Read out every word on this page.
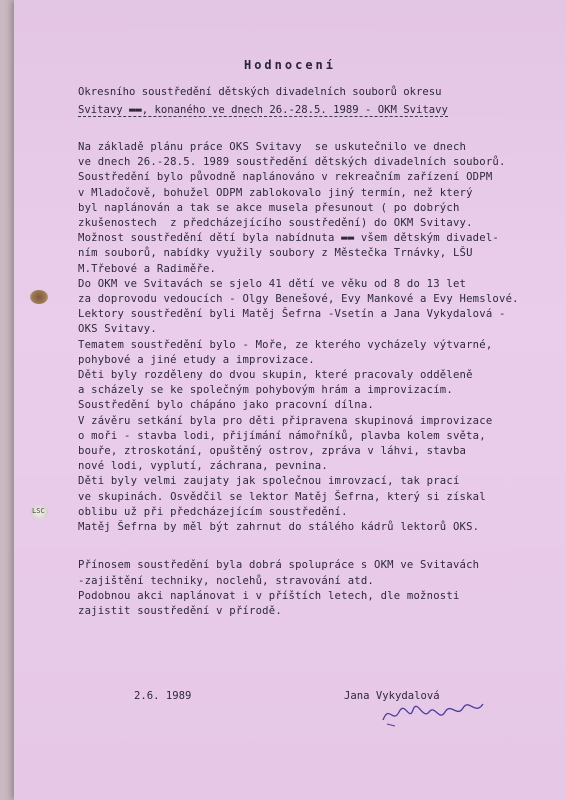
LSC
Hodnocení
Okresního soustředění dětských divadelních souborů okresu
Svitavy ▬▬, konaného ve dnech 26.-28.5. 1989 - OKM Svitavy
Na základě plánu práce OKS Svitavy  se uskutečnilo ve dnech
ve dnech 26.-28.5. 1989 soustředění dětských divadelních souborů.
Soustředění bylo původně naplánováno v rekreačním zařízení ODPM
v Mladočově, bohužel ODPM zablokovalo jiný termín, než který
byl naplánován a tak se akce musela přesunout ( po dobrých
zkušenostech  z předcházejícího soustředění) do OKM Svitavy.
Možnost soustředění dětí byla nabídnuta ▬▬ všem dětským divadel-
ním souborů, nabídky využily soubory z Městečka Trnávky, LŠU
M.Třebové a Radiměře.
Do OKM ve Svitavách se sjelo 41 dětí ve věku od 8 do 13 let
za doprovodu vedoucích - Olgy Benešové, Evy Mankové a Evy Hemslové.
Lektory soustředění byli Matěj Šefrna -Vsetín a Jana Vykydalová -
OKS Svitavy.
Tematem soustředění bylo - Moře, ze kterého vycházely výtvarné,
pohybové a jiné etudy a improvizace.
Děti byly rozděleny do dvou skupin, které pracovaly odděleně
a scházely se ke společným pohybovým hrám a improvizacím.
Soustředění bylo chápáno jako pracovní dílna.
V závěru setkání byla pro děti připravena skupinová improvizace
o moři - stavba lodi, přijímání námořníků, plavba kolem světa,
bouře, ztroskotání, opuštěný ostrov, zpráva v láhvi, stavba
nové lodi, vyplutí, záchrana, pevnina.
Děti byly velmi zaujaty jak společnou imrovzací, tak prací
ve skupinách. Osvědčil se lektor Matěj Šefrna, který si získal
oblibu už při předcházejícím soustředění.
Matěj Šefrna by měl být zahrnut do stálého kádrů lektorů OKS.
Přínosem soustředění byla dobrá spolupráce s OKM ve Svitavách
-zajištění techniky, noclehů, stravování atd.
Podobnou akci naplánovat i v příštích letech, dle možnosti
zajistit soustředění v přírodě.
2.6. 1989	Jana Vykydalová
